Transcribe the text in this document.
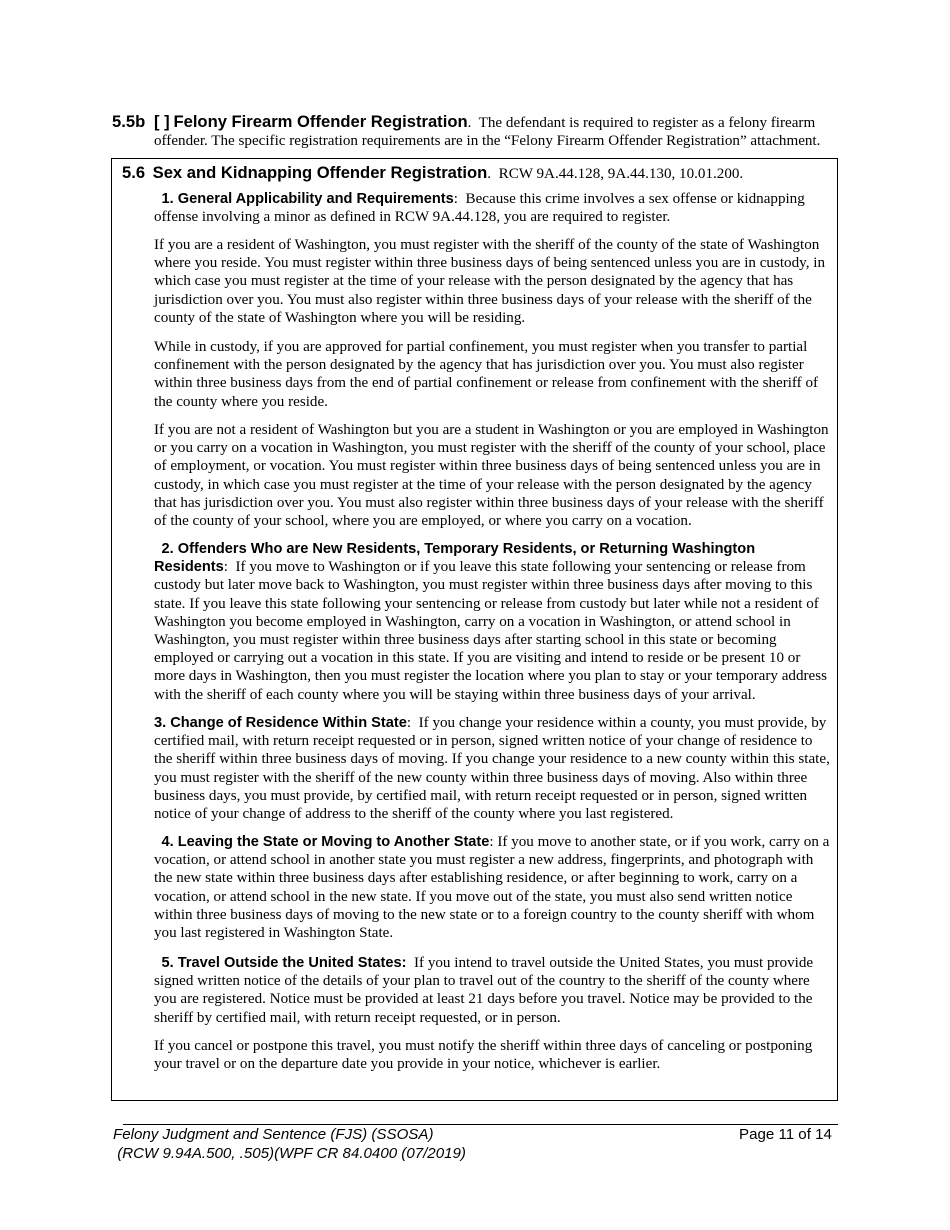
5.5b [ ] Felony Firearm Offender Registration.  The defendant is required to register as a felony firearm

offender. The specific registration requirements are in the “Felony Firearm Offender Registration” attachment.

5.6 Sex and Kidnapping Offender Registration.  RCW 9A.44.128, 9A.44.130, 10.01.200.

1. General Applicability and Requirements:  Because this crime involves a sex offense or kidnapping offense involving a minor as defined in RCW 9A.44.128, you are required to register.

If you are a resident of Washington, you must register with the sheriff of the county of the state of Washington where you reside. You must register within three business days of being sentenced unless you are in custody, in which case you must register at the time of your release with the person designated by the agency that has jurisdiction over you. You must also register within three business days of your release with the sheriff of the county of the state of Washington where you will be residing.

While in custody, if you are approved for partial confinement, you must register when you transfer to partial confinement with the person designated by the agency that has jurisdiction over you. You must also register within three business days from the end of partial confinement or release from confinement with the sheriff of the county where you reside.

If you are not a resident of Washington but you are a student in Washington or you are employed in Washington or you carry on a vocation in Washington, you must register with the sheriff of the county of your school, place of employment, or vocation. You must register within three business days of being sentenced unless you are in custody, in which case you must register at the time of your release with the person designated by the agency that has jurisdiction over you. You must also register within three business days of your release with the sheriff of the county of your school, where you are employed, or where you carry on a vocation.

2. Offenders Who are New Residents, Temporary Residents, or Returning Washington Residents:  If you move to Washington or if you leave this state following your sentencing or release from custody but later move back to Washington, you must register within three business days after moving to this state. If you leave this state following your sentencing or release from custody but later while not a resident of Washington you become employed in Washington, carry on a vocation in Washington, or attend school in Washington, you must register within three business days after starting school in this state or becoming employed or carrying out a vocation in this state. If you are visiting and intend to reside or be present 10 or more days in Washington, then you must register the location where you plan to stay or your temporary address with the sheriff of each county where you will be staying within three business days of your arrival.

3. Change of Residence Within State:  If you change your residence within a county, you must provide, by certified mail, with return receipt requested or in person, signed written notice of your change of residence to the sheriff within three business days of moving. If you change your residence to a new county within this state, you must register with the sheriff of the new county within three business days of moving. Also within three business days, you must provide, by certified mail, with return receipt requested or in person, signed written notice of your change of address to the sheriff of the county where you last registered.

4. Leaving the State or Moving to Another State: If you move to another state, or if you work, carry on a vocation, or attend school in another state you must register a new address, fingerprints, and photograph with the new state within three business days after establishing residence, or after beginning to work, carry on a vocation, or attend school in the new state. If you move out of the state, you must also send written notice within three business days of moving to the new state or to a foreign country to the county sheriff with whom you last registered in Washington State.

5. Travel Outside the United States: If you intend to travel outside the United States, you must provide signed written notice of the details of your plan to travel out of the country to the sheriff of the county where you are registered. Notice must be provided at least 21 days before you travel. Notice may be provided to the sheriff by certified mail, with return receipt requested, or in person.

If you cancel or postpone this travel, you must notify the sheriff within three days of canceling or postponing your travel or on the departure date you provide in your notice, whichever is earlier.

Felony Judgment and Sentence (FJS) (SSOSA)
(RCW 9.94A.500, .505)(WPF CR 84.0400 (07/2019)
Page 11 of 14
